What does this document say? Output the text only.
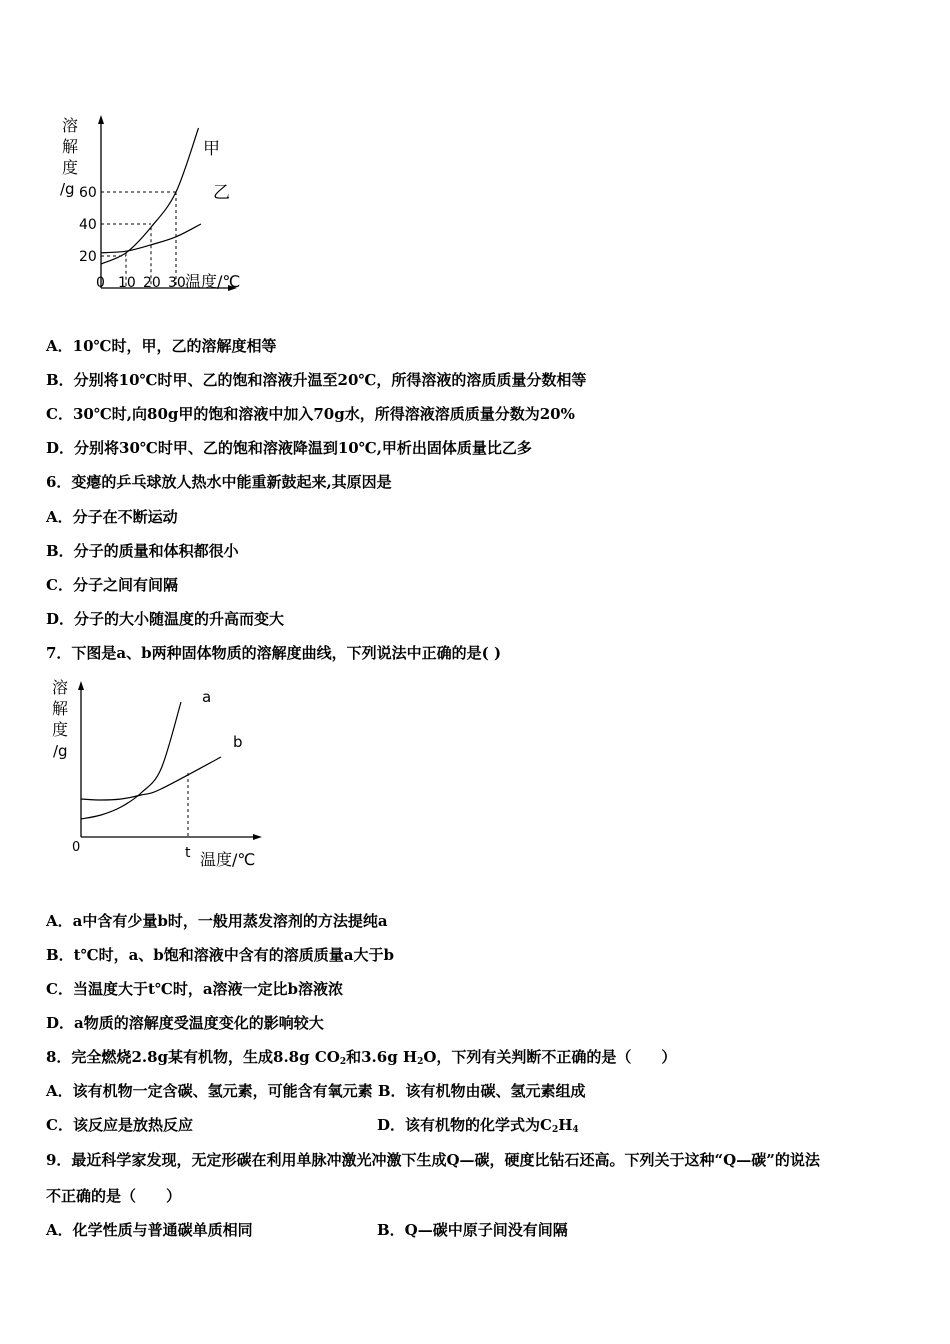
溶
解
度
/g
0	温度/℃
甲
乙
60
40
20
10 20 30
溶
解
度
/g
0
温度/℃
t
a
b
A．10℃时，甲，乙的溶解度相等
B．分别将10℃时甲、乙的饱和溶液升温至20℃，所得溶液的溶质质量分数相等
C．30℃时,向80g甲的饱和溶液中加入70g水，所得溶液溶质质量分数为20%
D．分别将30℃时甲、乙的饱和溶液降温到10℃,甲析出固体质量比乙多
6．变瘪的乒乓球放人热水中能重新鼓起来,其原因是
A．分子在不断运动
B．分子的质量和体积都很小
C．分子之间有间隔
D．分子的大小随温度的升高而变大
7．下图是a、b两种固体物质的溶解度曲线，下列说法中正确的是( )
A．a中含有少量b时，一般用蒸发溶剂的方法提纯a
B．t℃时，a、b饱和溶液中含有的溶质质量a大于b
C．当温度大于t℃时，a溶液一定比b溶液浓
D．a物质的溶解度受温度变化的影响较大
8．完全燃烧2.8g某有机物，生成8.8g $CO_2$和3.6g $H_2O$，下列有关判断不正确的是（　　）
A．该有机物一定含碳、氢元素，可能含有氧元素 B．该有机物由碳、氢元素组成
C．该反应是放热反应	D．该有机物的化学式为$C_2H_4$
9．最近科学家发现，无定形碳在利用单脉冲激光冲激下生成Q—碳，硬度比钻石还高。下列关于这种“Q—碳”的说法
不正确的是（　　）
A．化学性质与普通碳单质相同	B．Q—碳中原子间没有间隔
